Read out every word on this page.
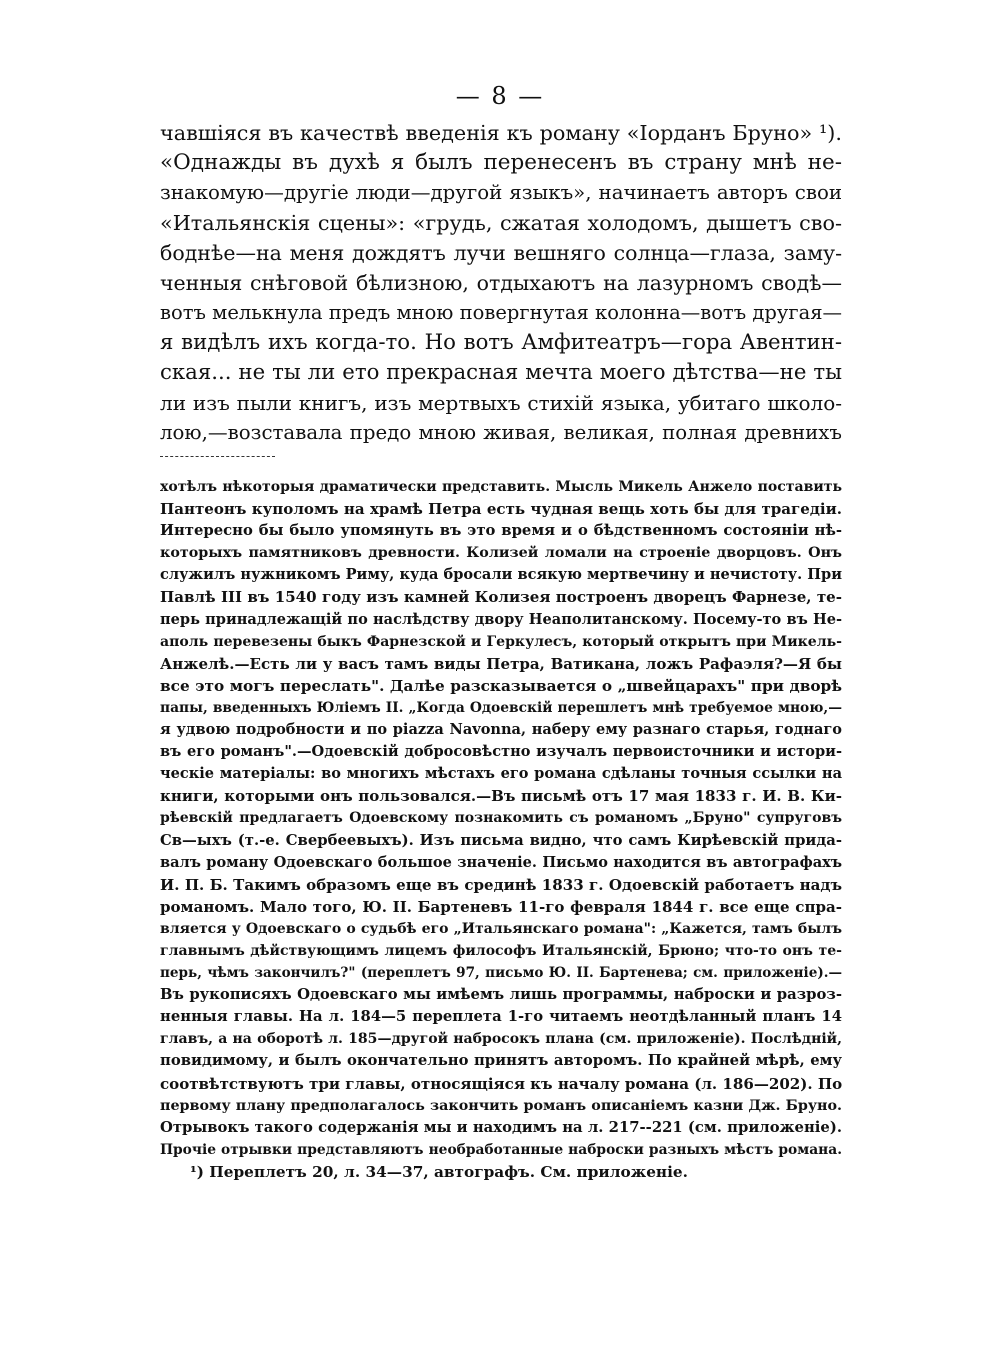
— 8 —
чавшіяся въ качествѣ введенія къ роману «Іорданъ Бруно» ¹).
«Однажды въ духѣ я былъ перенесенъ въ страну мнѣ не-
знакомую—другіе люди—другой языкъ», начинаетъ авторъ свои
«Итальянскія сцены»: «грудь, сжатая холодомъ, дышетъ сво-
боднѣе—на меня дождятъ лучи вешняго солнца—глаза, заму-
ченныя снѣговой бѣлизною, отдыхаютъ на лазурномъ сводѣ—
вотъ мелькнула предъ мною повергнутая колонна—вотъ другая—
я видѣлъ ихъ когда-то. Но вотъ Амфитеатръ—гора Авентин-
ская... не ты ли ето прекрасная мечта моего дѣтства—не ты
ли изъ пыли книгъ, изъ мертвыхъ стихій языка, убитаго школо-
лою,—возставала предо мною живая, великая, полная древнихъ
хотѣлъ нѣкоторыя драматически представить. Мысль Микель Анжело поставить
Пантеонъ куполомъ на храмѣ Петра есть чудная вещь хоть бы для трагедіи.
Интересно бы было упомянуть въ это время и о бѣдственномъ состояніи нѣ-
которыхъ памятниковъ древности. Колизей ломали на строеніе дворцовъ. Онъ
служилъ нужникомъ Риму, куда бросали всякую мертвечину и нечистоту. При
Павлѣ III въ 1540 году изъ камней Колизея построенъ дворецъ Фарнезе, те-
перь принадлежащій по наслѣдству двору Неаполитанскому. Посему-то въ Не-
аполь перевезены быкъ Фарнезской и Геркулесъ, который открытъ при Микель-
Анжелѣ.—Есть ли у васъ тамъ виды Петра, Ватикана, ложъ Рафаэля?—Я бы
все это могъ переслать". Далѣе разсказывается о „швейцарахъ" при дворѣ
папы, введенныхъ Юліемъ II. „Когда Одоевскій перешлетъ мнѣ требуемое мною,—
я удвою подробности и по piazza Navonna, наберу ему разнаго старья, годнаго
въ его романъ".—Одоевскій добросовѣстно изучалъ первоисточники и истори-
ческіе матеріалы: во многихъ мѣстахъ его романа сдѣланы точныя ссылки на
книги, которыми онъ пользовался.—Въ письмѣ отъ 17 мая 1833 г. И. В. Ки-
рѣевскій предлагаетъ Одоевскому познакомить съ романомъ „Бруно" супруговъ
Св—ыхъ (т.-е. Свербеевыхъ). Изъ письма видно, что самъ Кирѣевскій прида-
валъ роману Одоевскаго большое значеніе. Письмо находится въ автографахъ
И. П. Б. Такимъ образомъ еще въ срединѣ 1833 г. Одоевскій работаетъ надъ
романомъ. Мало того, Ю. II. Бартеневъ 11-го февраля 1844 г. все еще спра-
вляется у Одоевскаго о судьбѣ его „Итальянскаго романа": „Кажется, тамъ былъ
главнымъ дѣйствующимъ лицемъ философъ Итальянскій, Брюно; что-то онъ те-
перь, чѣмъ закончилъ?" (переплетъ 97, письмо Ю. II. Бартенева; см. приложеніе).—
Въ рукописяхъ Одоевскаго мы имѣемъ лишь программы, наброски и разроз-
ненныя главы. На л. 184—5 переплета 1-го читаемъ неотдѣланный планъ 14
главъ, а на оборотѣ л. 185—другой набросокъ плана (см. приложеніе). Послѣдній,
повидимому, и былъ окончательно принятъ авторомъ. По крайней мѣрѣ, ему
соотвѣтствуютъ три главы, относящіяся къ началу романа (л. 186—202). По
первому плану предполагалось закончить романъ описаніемъ казни Дж. Бруно.
Отрывокъ такого содержанія мы и находимъ на л. 217--221 (см. приложеніе).
Прочіе отрывки представляютъ необработанные наброски разныхъ мѣстъ романа.
¹) Переплетъ 20, л. 34—37, автографъ. См. приложеніе.
